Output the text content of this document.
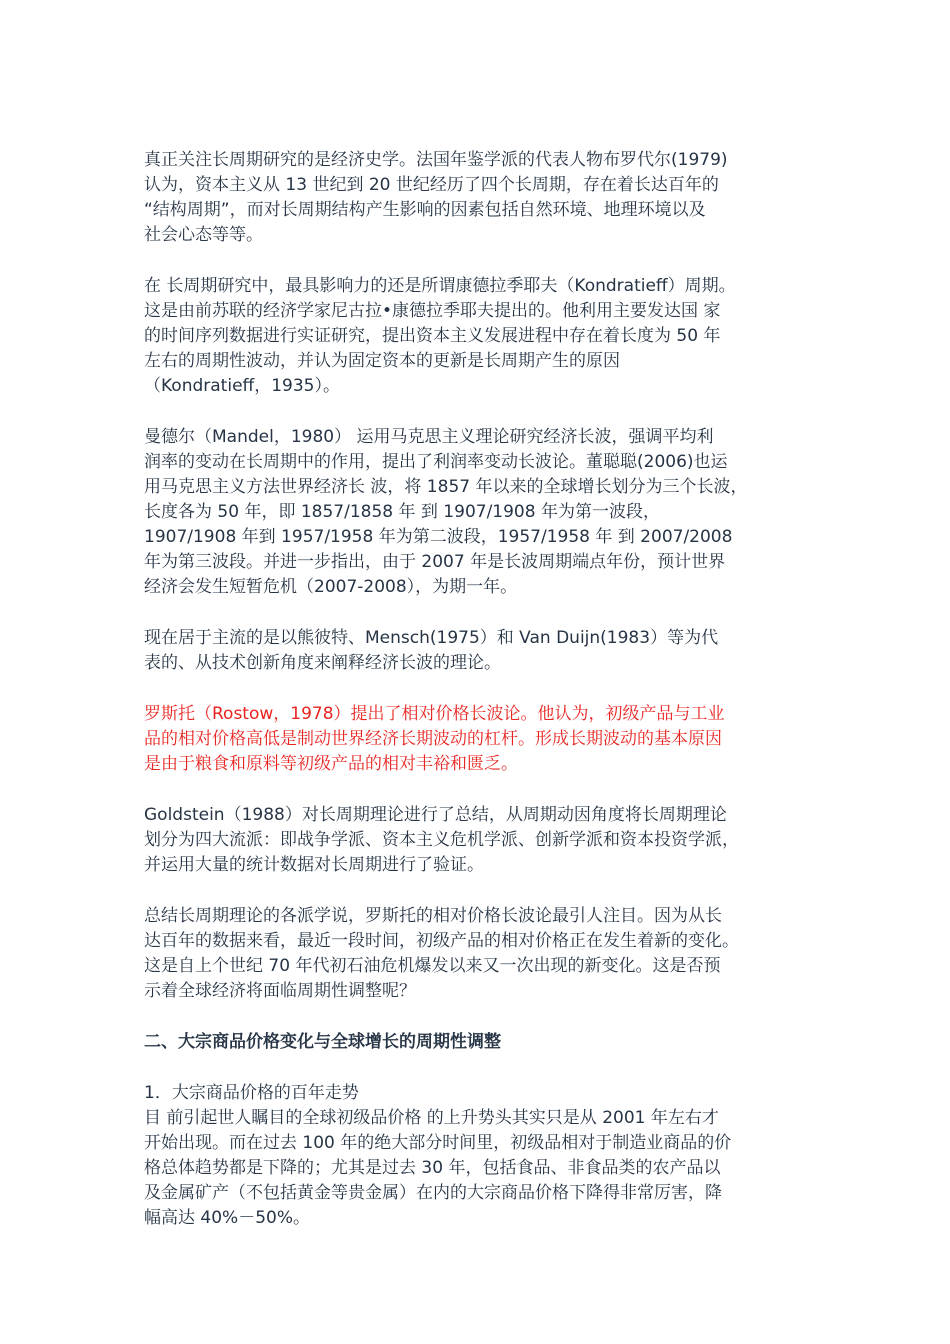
真正关注长周期研究的是经济史学。法国年鉴学派的代表人物布罗代尔(1979)
认为，资本主义从 13 世纪到 20 世纪经历了四个长周期，存在着长达百年的
“结构周期”，而对长周期结构产生影响的因素包括自然环境、地理环境以及
社会心态等等。

在 长周期研究中，最具影响力的还是所谓康德拉季耶夫（Kondratieff）周期。
这是由前苏联的经济学家尼古拉•康德拉季耶夫提出的。他利用主要发达国 家
的时间序列数据进行实证研究，提出资本主义发展进程中存在着长度为 50 年
左右的周期性波动，并认为固定资本的更新是长周期产生的原因
（Kondratieff，1935）。

曼德尔（Mandel，1980） 运用马克思主义理论研究经济长波，强调平均利
润率的变动在长周期中的作用，提出了利润率变动长波论。董聪聪(2006)也运
用马克思主义方法世界经济长 波，将 1857 年以来的全球增长划分为三个长波，
长度各为 50 年，即 1857/1858 年 到 1907/1908 年为第一波段，
1907/1908 年到 1957/1958 年为第二波段，1957/1958 年 到 2007/2008
年为第三波段。并进一步指出，由于 2007 年是长波周期端点年份，预计世界
经济会发生短暂危机（2007-2008），为期一年。

现在居于主流的是以熊彼特、Mensch(1975）和 Van Duijn(1983）等为代
表的、从技术创新角度来阐释经济长波的理论。

罗斯托（Rostow，1978）提出了相对价格长波论。他认为，初级产品与工业
品的相对价格高低是制动世界经济长期波动的杠杆。形成长期波动的基本原因
是由于粮食和原料等初级产品的相对丰裕和匮乏。

Goldstein（1988）对长周期理论进行了总结，从周期动因角度将长周期理论
划分为四大流派：即战争学派、资本主义危机学派、创新学派和资本投资学派，
并运用大量的统计数据对长周期进行了验证。

总结长周期理论的各派学说，罗斯托的相对价格长波论最引人注目。因为从长
达百年的数据来看，最近一段时间，初级产品的相对价格正在发生着新的变化。
这是自上个世纪 70 年代初石油危机爆发以来又一次出现的新变化。这是否预
示着全球经济将面临周期性调整呢？

二、大宗商品价格变化与全球增长的周期性调整

1．大宗商品价格的百年走势

目 前引起世人瞩目的全球初级品价格 的上升势头其实只是从 2001 年左右才
开始出现。而在过去 100 年的绝大部分时间里，初级品相对于制造业商品的价
格总体趋势都是下降的；尤其是过去 30 年，包括食品、非食品类的农产品以
及金属矿产（不包括黄金等贵金属）在内的大宗商品价格下降得非常厉害，降
幅高达 40%－50%。
